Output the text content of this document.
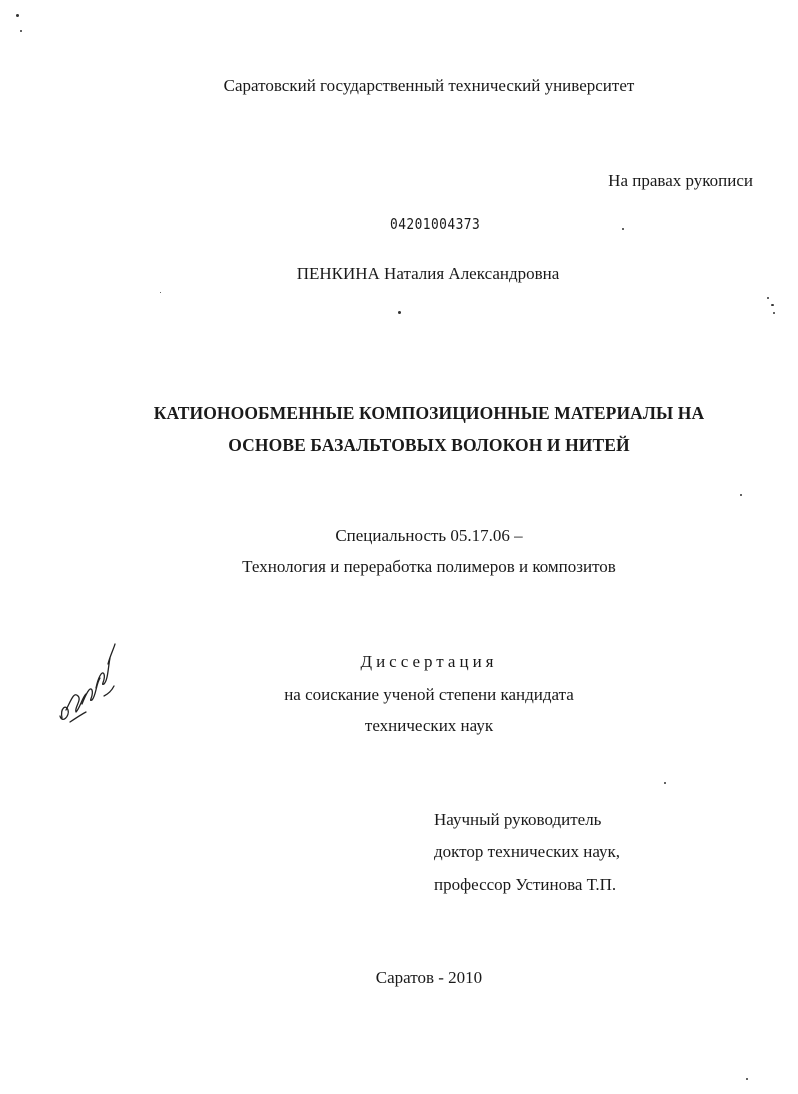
Саратовский государственный технический университет
На правах рукописи
04201004373
ПЕНКИНА Наталия Александровна
КАТИОНООБМЕННЫЕ КОМПОЗИЦИОННЫЕ МАТЕРИАЛЫ НА
ОСНОВЕ БАЗАЛЬТОВЫХ ВОЛОКОН И НИТЕЙ
Специальность 05.17.06 –
Технология и переработка полимеров и композитов
Диссертация
на соискание ученой степени кандидата
технических наук
Научный руководитель
доктор технических наук,
профессор Устинова Т.П.
Саратов - 2010
